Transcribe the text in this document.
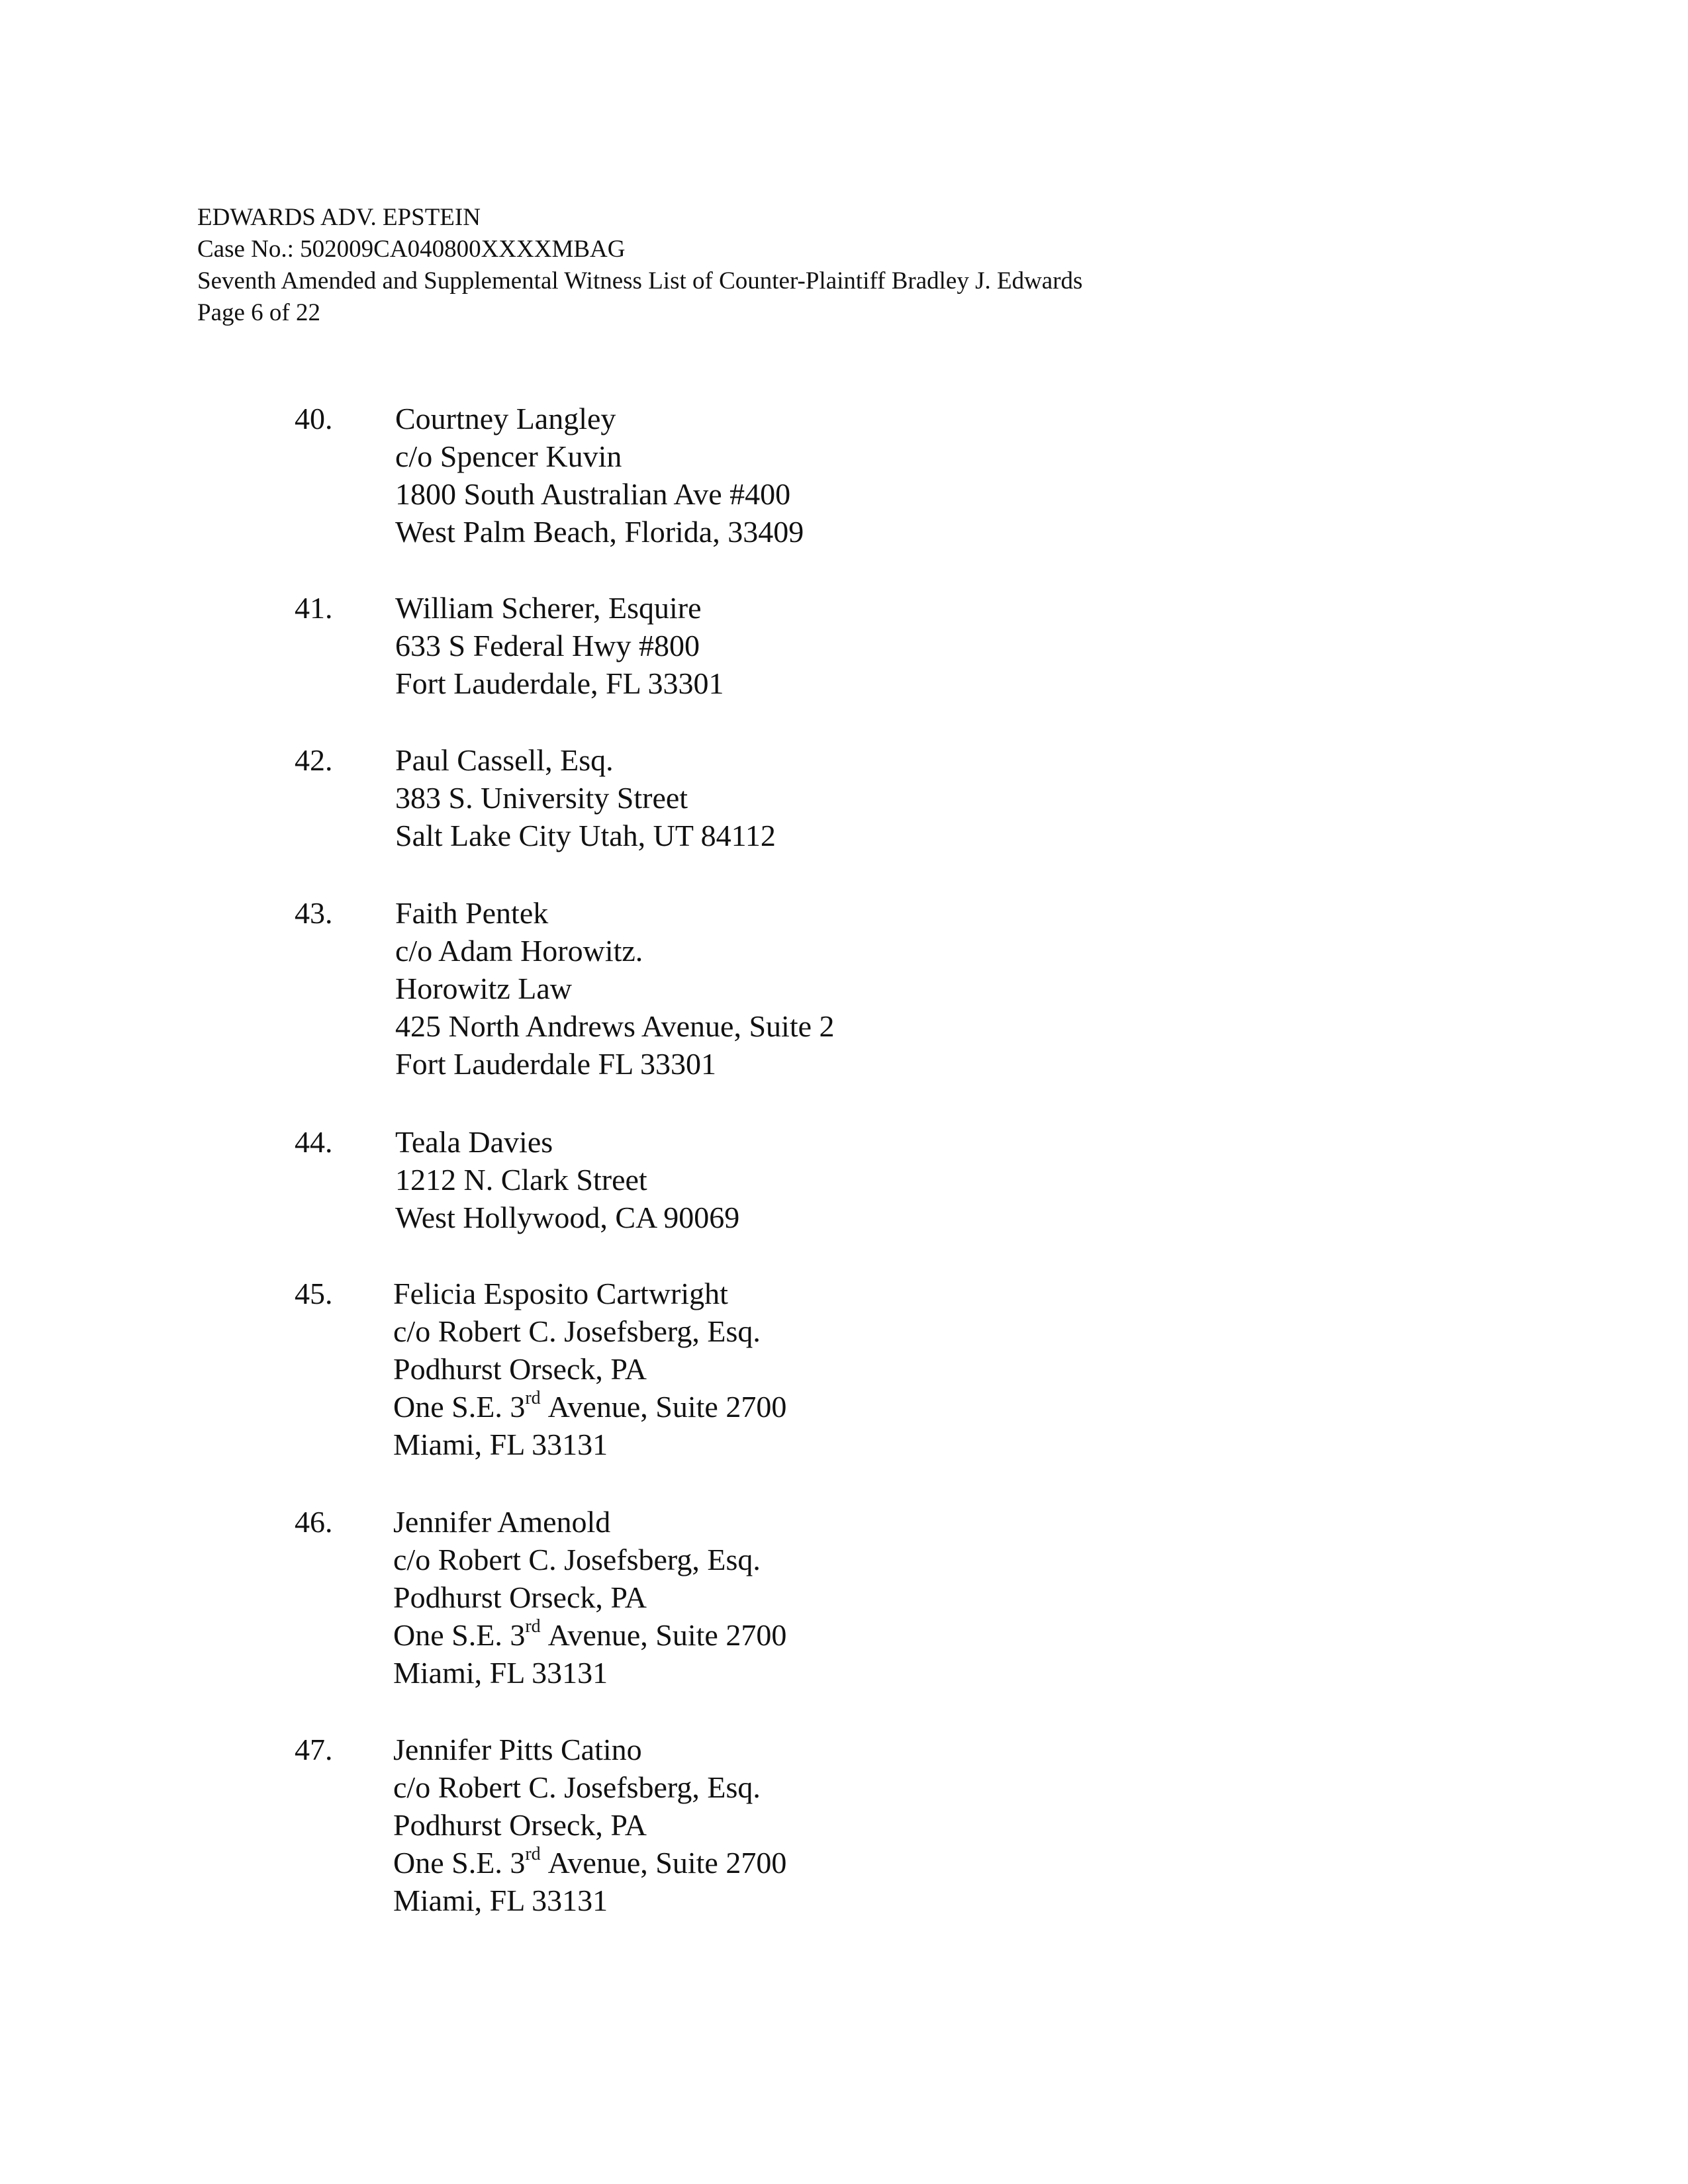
EDWARDS ADV. EPSTEIN
Case No.: 502009CA040800XXXXMBAG
Seventh Amended and Supplemental Witness List of Counter-Plaintiff Bradley J. Edwards
Page 6 of 22
40. Courtney Langley
c/o Spencer Kuvin
1800 South Australian Ave #400
West Palm Beach, Florida, 33409
41. William Scherer, Esquire
633 S Federal Hwy #800
Fort Lauderdale, FL 33301
42. Paul Cassell, Esq.
383 S. University Street
Salt Lake City Utah, UT 84112
43. Faith Pentek
c/o Adam Horowitz.
Horowitz Law
425 North Andrews Avenue, Suite 2
Fort Lauderdale FL 33301
44. Teala Davies
1212 N. Clark Street
West Hollywood, CA 90069
45. Felicia Esposito Cartwright
c/o Robert C. Josefsberg, Esq.
Podhurst Orseck, PA
One S.E. 3rd Avenue, Suite 2700
Miami, FL 33131
46. Jennifer Amenold
c/o Robert C. Josefsberg, Esq.
Podhurst Orseck, PA
One S.E. 3rd Avenue, Suite 2700
Miami, FL 33131
47. Jennifer Pitts Catino
c/o Robert C. Josefsberg, Esq.
Podhurst Orseck, PA
One S.E. 3rd Avenue, Suite 2700
Miami, FL 33131
